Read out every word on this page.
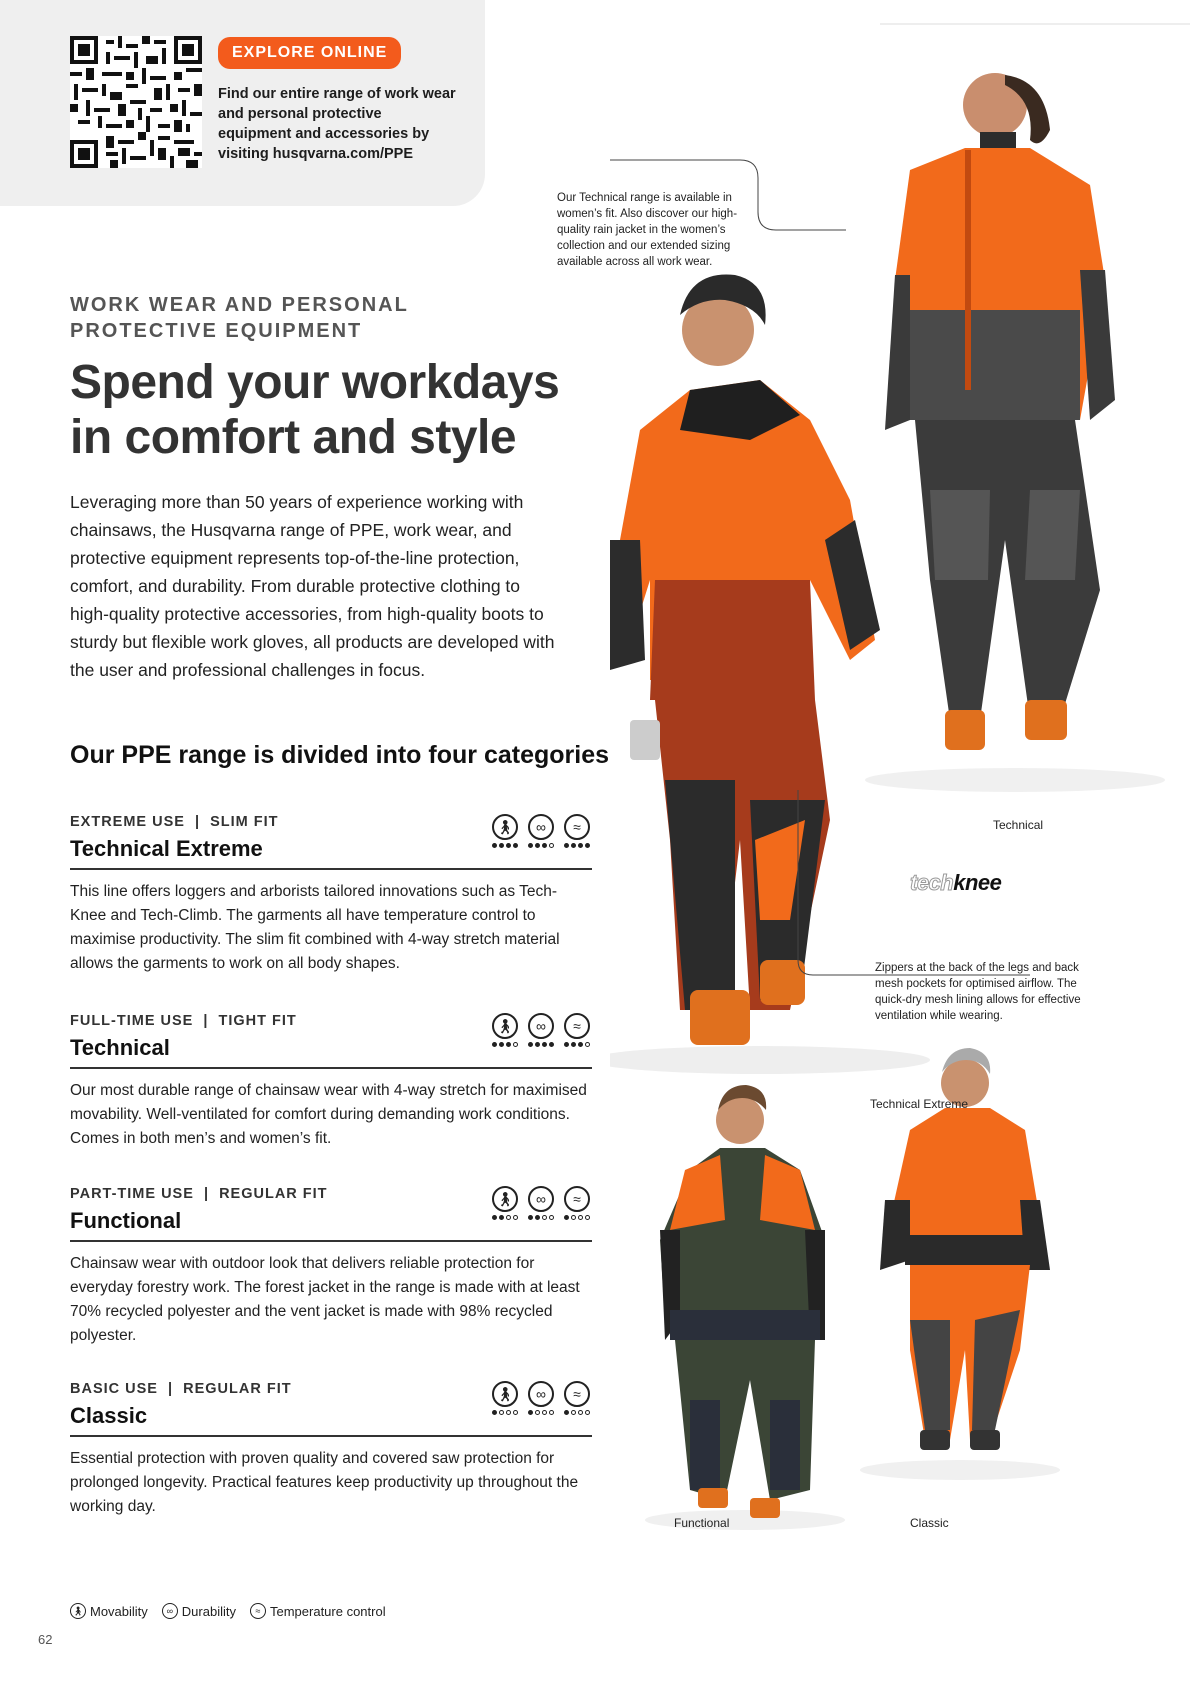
EXPLORE ONLINE
Find our entire range of work wear and personal protective equipment and accessories by visiting husqvarna.com/PPE
WORK WEAR AND PERSONAL PROTECTIVE EQUIPMENT
Spend your workdays in comfort and style
Leveraging more than 50 years of experience working with chainsaws, the Husqvarna range of PPE, work wear, and protective equipment represents top-of-the-line protection, comfort, and durability. From durable protective clothing to high-quality protective accessories, from high-quality boots to sturdy but flexible work gloves, all products are developed with the user and professional challenges in focus.
Our PPE range is divided into four categories
EXTREME USE  |  SLIM FIT
Technical Extreme
This line offers loggers and arborists tailored innovations such as Tech-Knee and Tech-Climb. The garments all have temperature control to maximise productivity. The slim fit combined with 4-way stretch material allows the garments to work on all body shapes.
🚶︎	∞	≈
FULL-TIME USE  |  TIGHT FIT
Technical
Our most durable range of chainsaw wear with 4-way stretch for maximised movability. Well-ventilated for comfort during demanding work conditions. Comes in both men’s and women’s fit.
🚶︎	∞	≈
PART-TIME USE  |  REGULAR FIT
Functional
Chainsaw wear with outdoor look that delivers reliable protection for everyday forestry work. The forest jacket in the range is made with at least 70% recycled polyester and the vent jacket is made with 98% recycled polyester.
🚶︎	∞	≈
BASIC USE  |  REGULAR FIT
Classic
Essential protection with proven quality and covered saw protection for prolonged longevity. Practical features keep productivity up throughout the working day.
🚶︎	∞	≈
🚶︎ Movability	∞ Durability	≈ Temperature control
62
Our Technical range is available in women’s fit. Also discover our high-quality rain jacket in the women’s collection and our extended sizing available across all work wear.
Zippers at the back of the legs and back mesh pockets for optimised airflow. The quick-dry mesh lining allows for effective ventilation while wearing.
techknee
Technical
Technical Extreme
Functional	Classic
